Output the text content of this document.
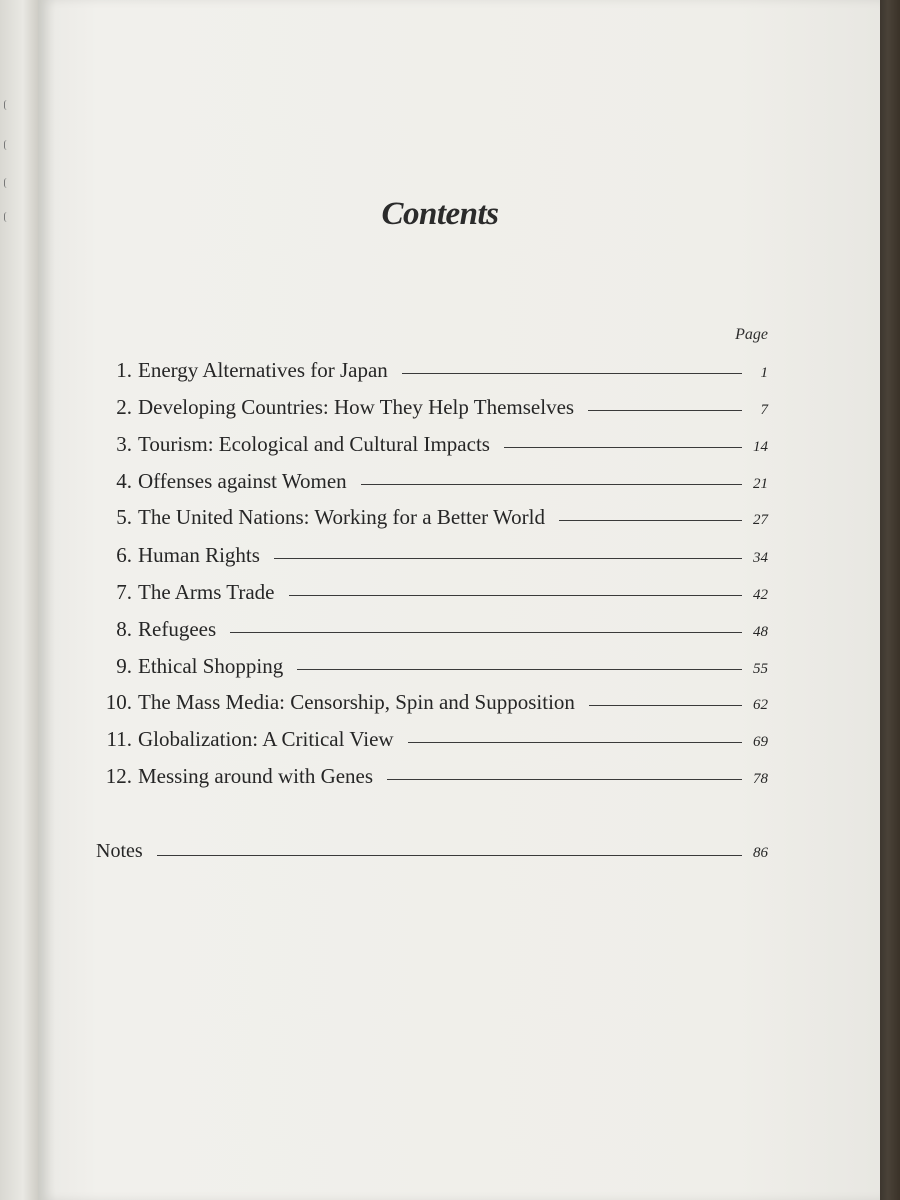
Contents
Page
1. Energy Alternatives for Japan	1
2. Developing Countries: How They Help Themselves	7
3. Tourism: Ecological and Cultural Impacts	14
4. Offenses against Women	21
5. The United Nations: Working for a Better World	27
6. Human Rights	34
7. The Arms Trade	42
8. Refugees	48
9. Ethical Shopping	55
10. The Mass Media: Censorship, Spin and Supposition	62
11. Globalization: A Critical View	69
12. Messing around with Genes	78
Notes	86
